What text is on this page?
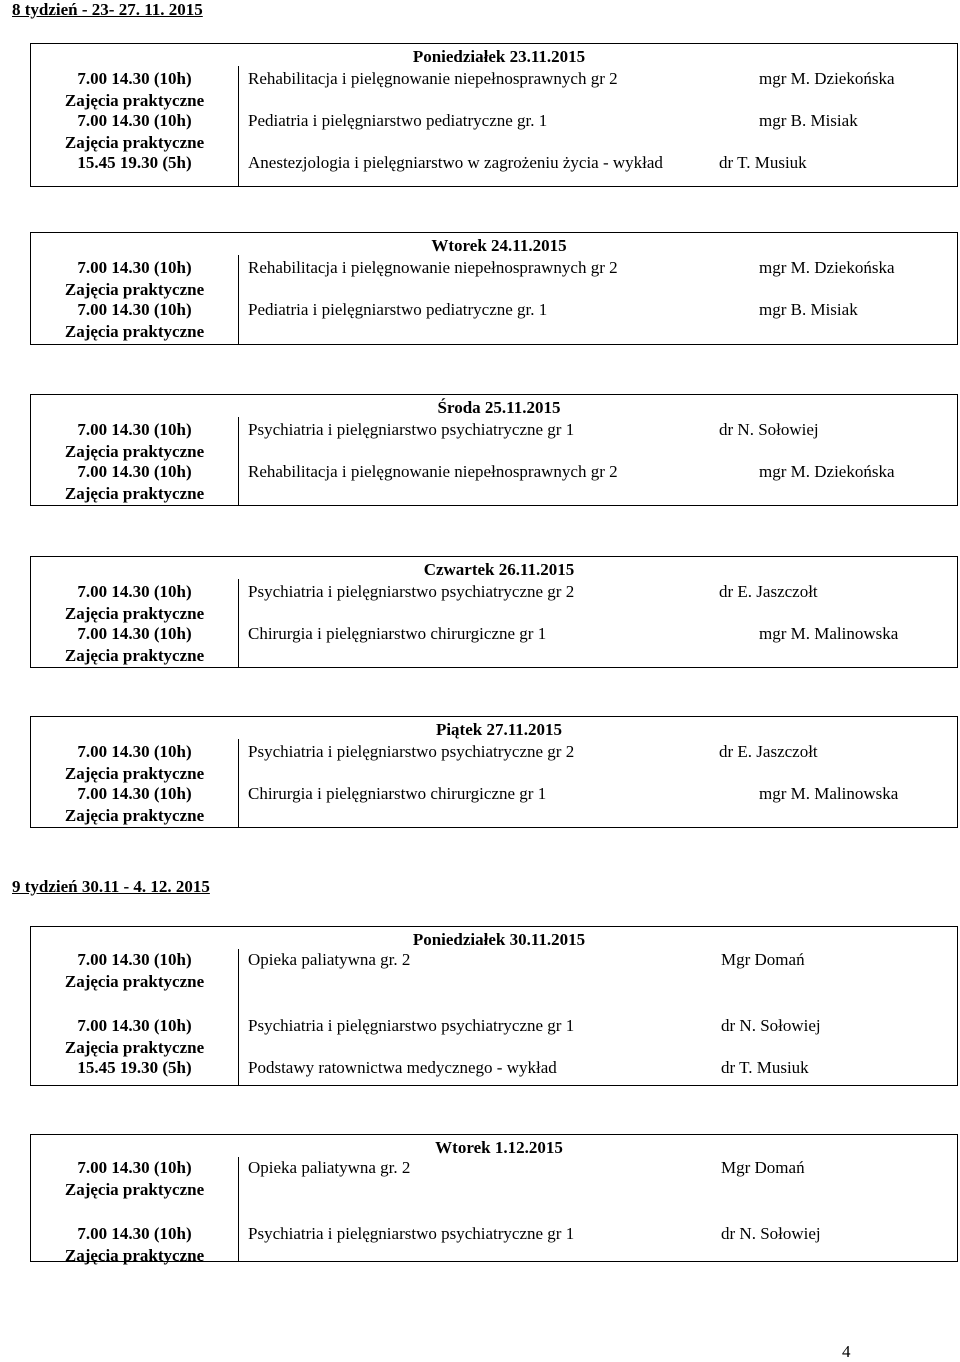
8 tydzień - 23- 27. 11. 2015
9 tydzień 30.11 - 4. 12. 2015
Poniedziałek 23.11.2015
7.00 14.30 (10h)
Zajęcia praktyczne
Rehabilitacja i pielęgnowanie niepełnosprawnych gr 2	mgr M. Dziekońska
7.00 14.30 (10h)
Zajęcia praktyczne
Pediatria i pielęgniarstwo pediatryczne gr. 1	mgr B. Misiak
15.45 19.30 (5h)	Anestezjologia i pielęgniarstwo w zagrożeniu życia - wykład	dr T. Musiuk
Wtorek 24.11.2015
7.00 14.30 (10h)
Zajęcia praktyczne
Rehabilitacja i pielęgnowanie niepełnosprawnych gr 2	mgr M. Dziekońska
7.00 14.30 (10h)
Zajęcia praktyczne
Pediatria i pielęgniarstwo pediatryczne gr. 1	mgr B. Misiak
Środa 25.11.2015
7.00 14.30 (10h)
Zajęcia praktyczne
Psychiatria i pielęgniarstwo psychiatryczne gr 1	dr N. Sołowiej
7.00 14.30 (10h)
Zajęcia praktyczne
Rehabilitacja i pielęgnowanie niepełnosprawnych gr 2	mgr M. Dziekońska
Czwartek 26.11.2015
7.00 14.30 (10h)
Zajęcia praktyczne
Psychiatria i pielęgniarstwo psychiatryczne gr 2	dr E. Jaszczołt
7.00 14.30 (10h)
Zajęcia praktyczne
Chirurgia i pielęgniarstwo chirurgiczne gr 1	mgr M. Malinowska
Piątek 27.11.2015
7.00 14.30 (10h)
Zajęcia praktyczne
Psychiatria i pielęgniarstwo psychiatryczne gr 2	dr E. Jaszczołt
7.00 14.30 (10h)
Zajęcia praktyczne
Chirurgia i pielęgniarstwo chirurgiczne gr 1	mgr M. Malinowska
Poniedziałek 30.11.2015
7.00 14.30 (10h)
Zajęcia praktyczne
Opieka paliatywna gr. 2	Mgr Domań
7.00 14.30 (10h)
Zajęcia praktyczne
Psychiatria i pielęgniarstwo psychiatryczne gr 1	dr N. Sołowiej
15.45 19.30 (5h)	Podstawy ratownictwa medycznego - wykład	dr T. Musiuk
Wtorek 1.12.2015
7.00 14.30 (10h)
Zajęcia praktyczne
Opieka paliatywna gr. 2	Mgr Domań
7.00 14.30 (10h)
Zajęcia praktyczne
Psychiatria i pielęgniarstwo psychiatryczne gr 1	dr N. Sołowiej
4
